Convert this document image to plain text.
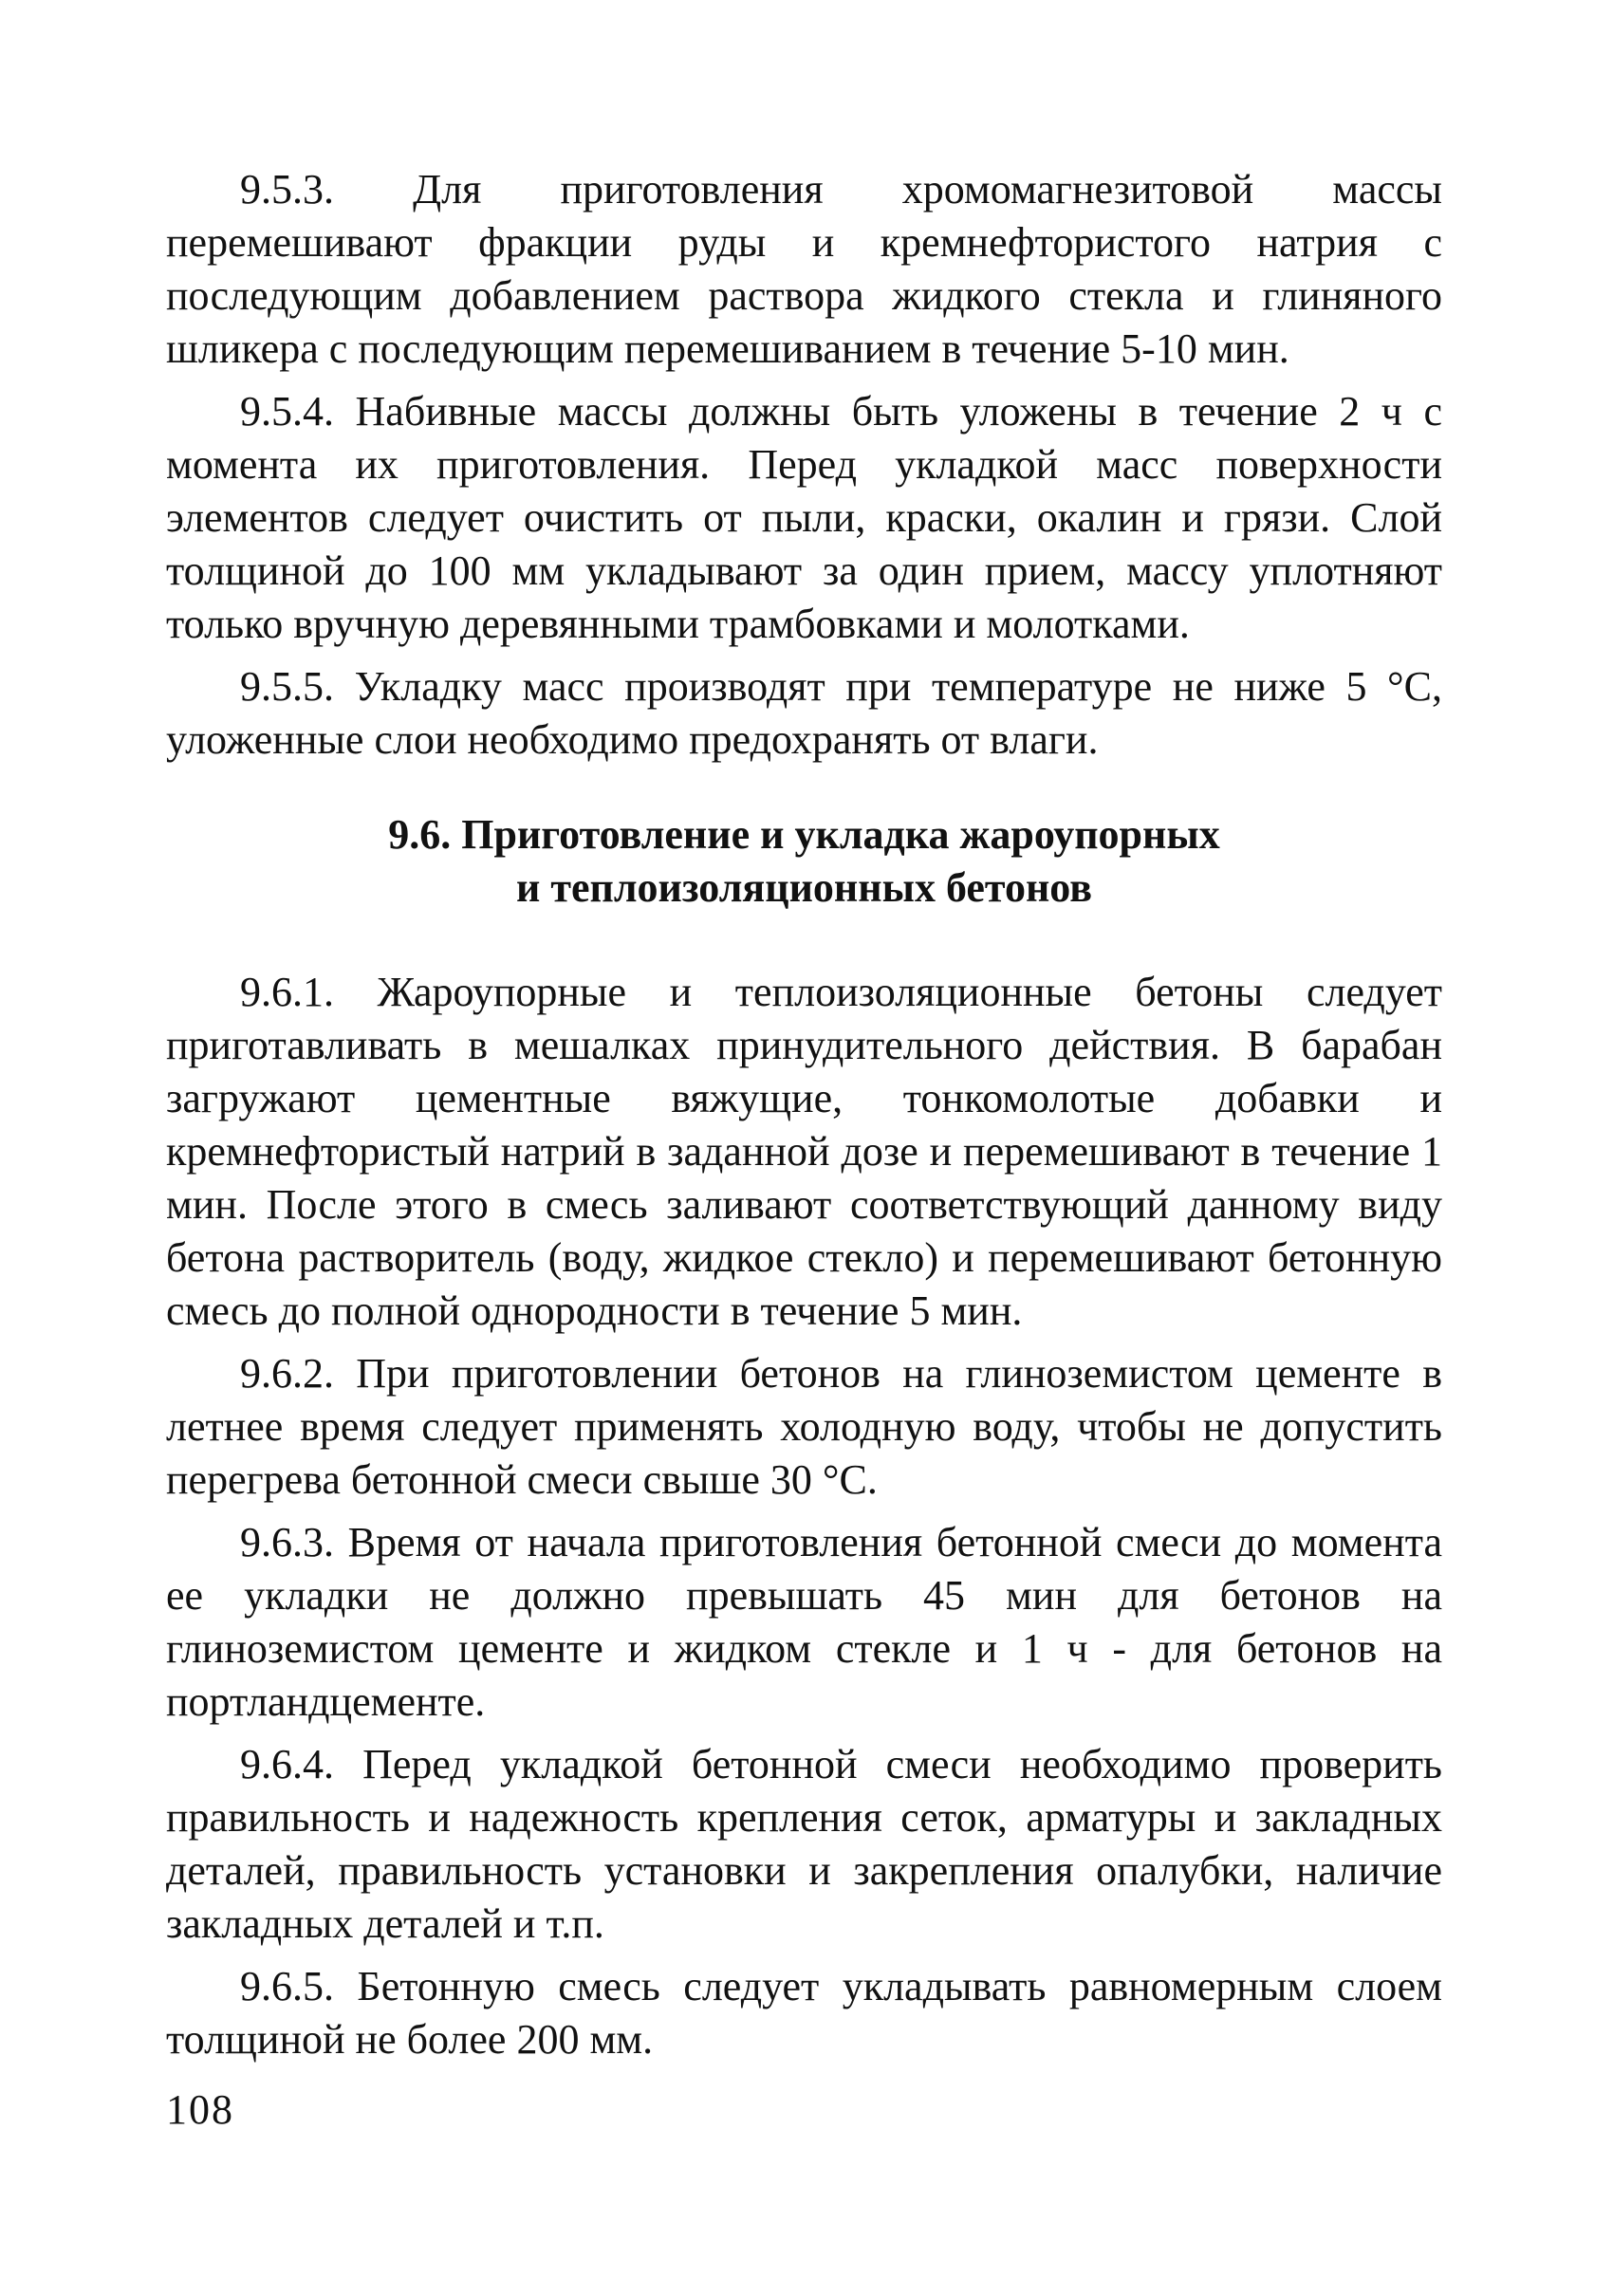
9.5.3. Для приготовления хромомагнезитовой массы перемешивают фракции руды и кремнефтористого натрия с последующим добавлением раствора жидкого стекла и глиняного шликера с последующим перемешиванием в течение 5-10 мин.

9.5.4. Набивные массы должны быть уложены в течение 2 ч с момента их приготовления. Перед укладкой масс поверхности элементов следует очистить от пыли, краски, окалин и грязи. Слой толщиной до 100 мм укладывают за один прием, массу уплотняют только вручную деревянными трамбовками и молотками.

9.5.5. Укладку масс производят при температуре не ниже 5 °С, уложенные слои необходимо предохранять от влаги.

9.6. Приготовление и укладка жароупорных
и теплоизоляционных бетонов

9.6.1. Жароупорные и теплоизоляционные бетоны следует приготавливать в мешалках принудительного действия. В барабан загружают цементные вяжущие, тонкомолотые добавки и кремнефтористый натрий в заданной дозе и перемешивают в течение 1 мин. После этого в смесь заливают соответствующий данному виду бетона растворитель (воду, жидкое стекло) и перемешивают бетонную смесь до полной однородности в течение 5 мин.

9.6.2. При приготовлении бетонов на глиноземистом цементе в летнее время следует применять холодную воду, чтобы не допустить перегрева бетонной смеси свыше 30 °С.

9.6.3. Время от начала приготовления бетонной смеси до момента ее укладки не должно превышать 45 мин для бетонов на глиноземистом цементе и жидком стекле и 1 ч - для бетонов на портландцементе.

9.6.4. Перед укладкой бетонной смеси необходимо проверить правильность и надежность крепления сеток, арматуры и закладных деталей, правильность установки и закрепления опалубки, наличие закладных деталей и т.п.

9.6.5. Бетонную смесь следует укладывать равномерным слоем толщиной не более 200 мм.

108
